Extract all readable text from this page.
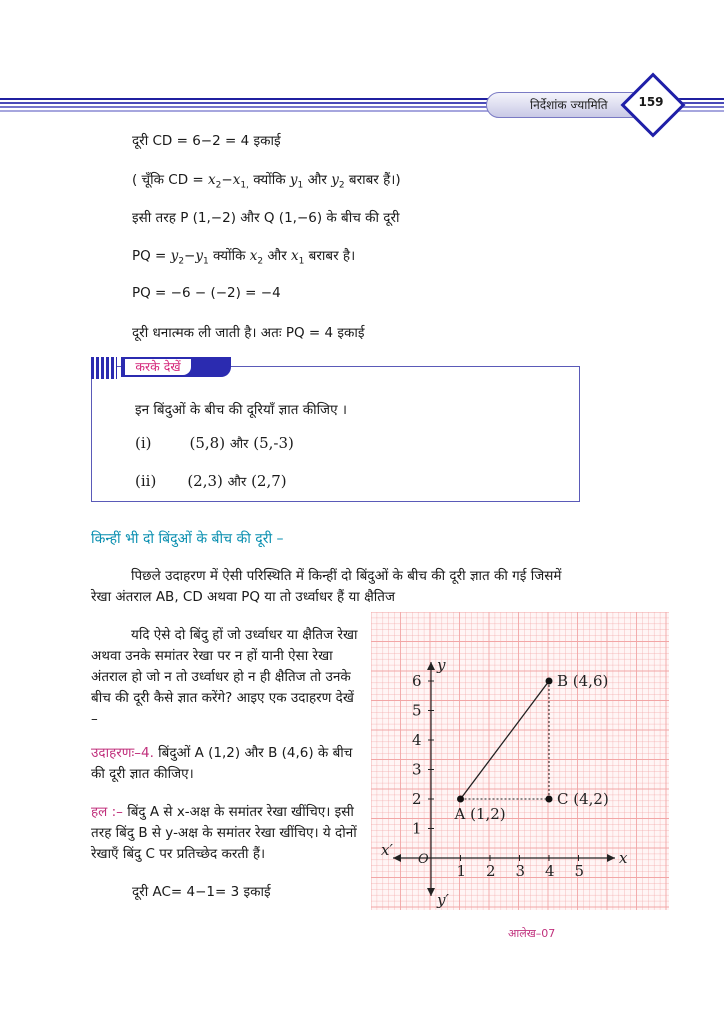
निर्देशांक ज्यामिति	159
दूरी CD = 6−2 = 4 इकाई
( चूँकि CD = $x_2-x_{1,}$ क्योंकि $y_1$ और $y_2$ बराबर हैं।)
इसी तरह P (1,−2) और Q (1,−6) के बीच की दूरी
PQ = $y_2-y_1$ क्योंकि $x_2$ और $x_1$ बराबर है।
PQ = −6 − (−2) = −4
दूरी धनात्मक ली जाती है। अतः PQ = 4 इकाई
करके देखें
इन बिंदुओं के बीच की दूरियाँ ज्ञात कीजिए ।
(i)	(5,8) और (5,-3)
(ii) (2,3) और (2,7)
किन्हीं भी दो बिंदुओं के बीच की दूरी –
पिछले उदाहरण में ऐसी परिस्थिति में किन्हीं दो बिंदुओं के बीच की दूरी ज्ञात की गई जिसमें रेखा अंतराल AB, CD अथवा PQ या तो उर्ध्वाधर हैं या क्षैतिज
यदि ऐसे दो बिंदु हों जो उर्ध्वाधर या क्षैतिज रेखा अथवा उनके समांतर रेखा पर न हों यानी ऐसा रेखा अंतराल हो जो न तो उर्ध्वाधर हो न ही क्षैतिज तो उनके बीच की दूरी कैसे ज्ञात करेंगे? आइए एक उदाहरण देखें –
उदाहरणः–4. बिंदुओं A (1,2) और B (4,6) के बीच की दूरी ज्ञात कीजिए।
हल :– बिंदु A से x-अक्ष के समांतर रेखा खींचिए। इसी तरह बिंदु B से y-अक्ष के समांतर रेखा खींचिए। ये दोनों रेखाएँ बिंदु C पर प्रतिच्छेद करती हैं।
दूरी AC= 4−1= 3 इकाई
x
x′
y
y′
O
1 2 3 4 5
1
2
3
4
5
6
A (1,2)
B (4,6)
C (4,2)
आलेख–07
